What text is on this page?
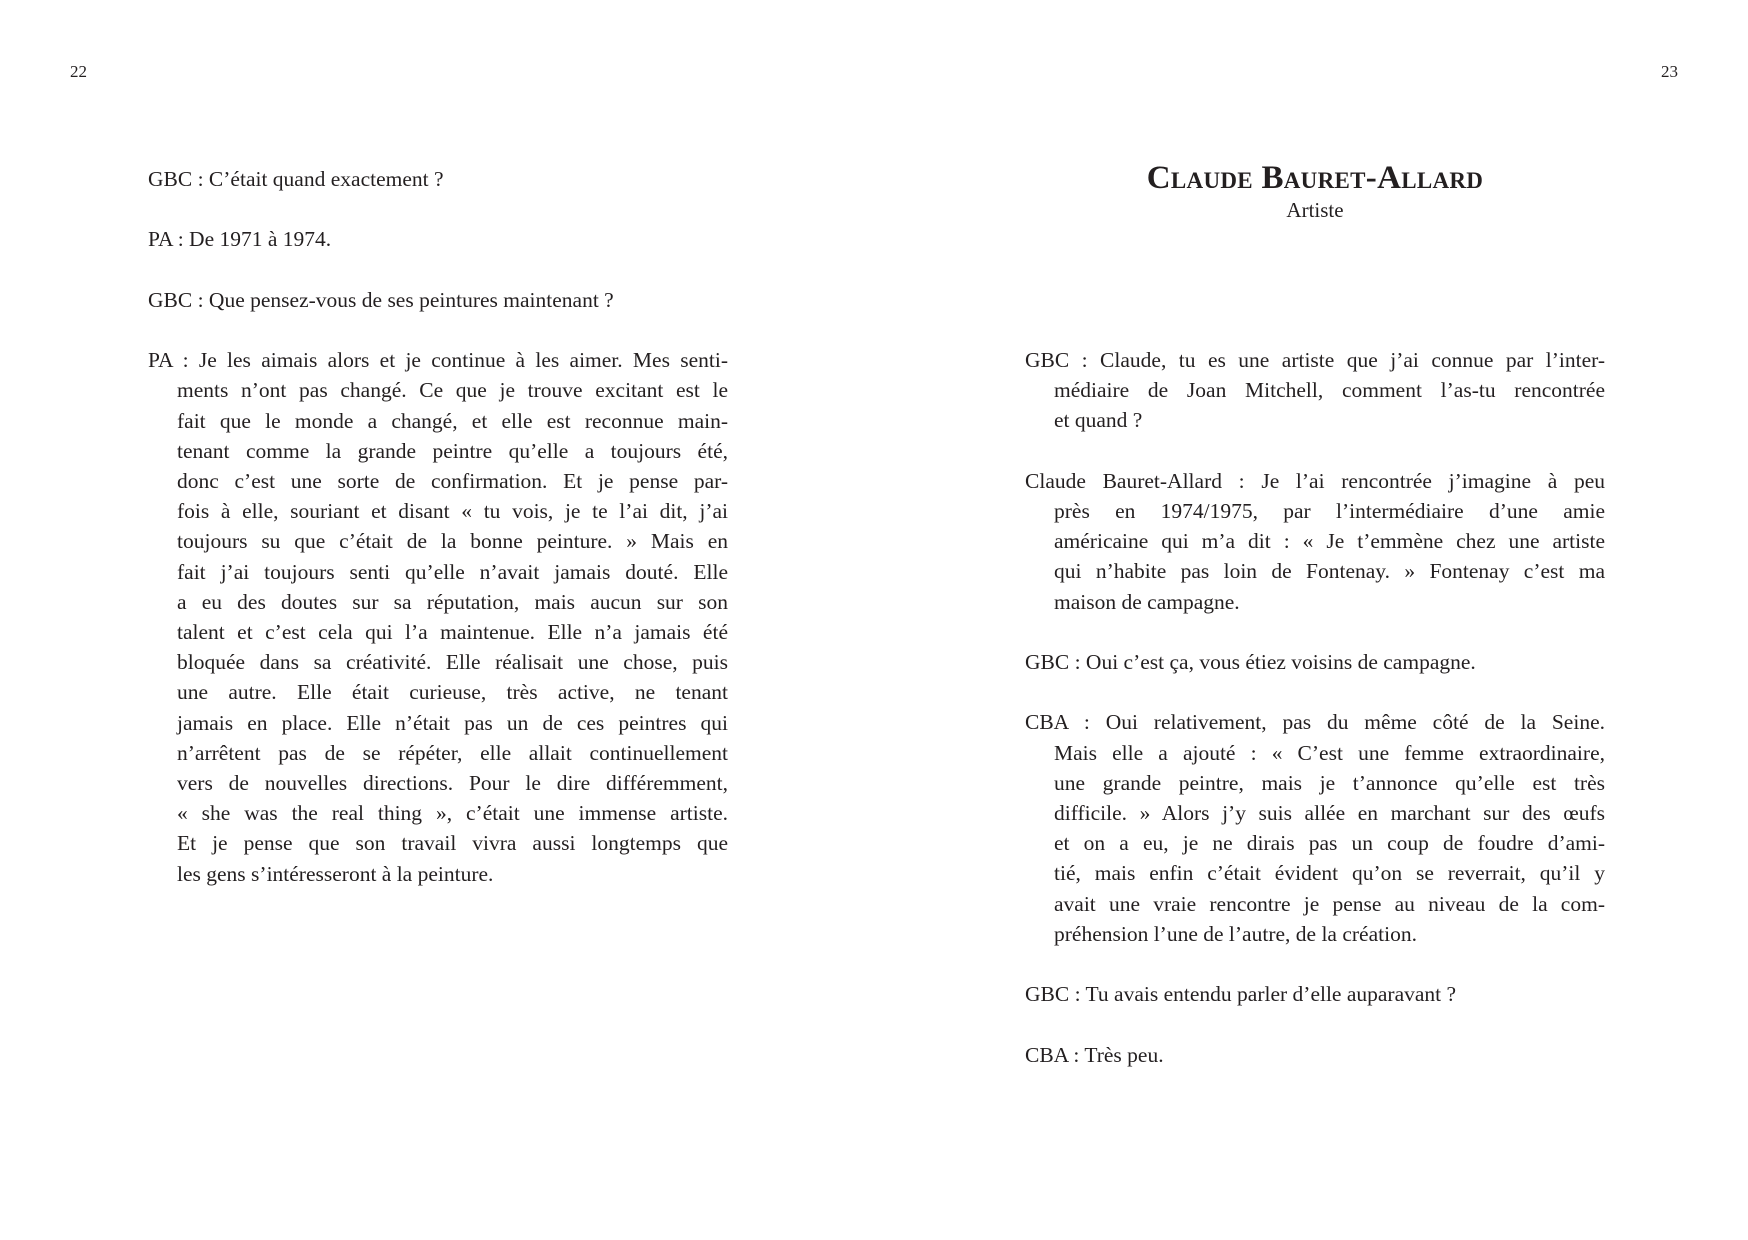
22
GBC : C’était quand exactement ?
PA : De 1971 à 1974.
GBC : Que pensez-vous de ses peintures maintenant ?
PA : Je les aimais alors et je continue à les aimer. Mes senti-
ments n’ont pas changé. Ce que je trouve excitant est le
fait que le monde a changé, et elle est reconnue main-
tenant comme la grande peintre qu’elle a toujours été,
donc c’est une sorte de confirmation. Et je pense par-
fois à elle, souriant et disant « tu vois, je te l’ai dit, j’ai
toujours su que c’était de la bonne peinture. » Mais en
fait j’ai toujours senti qu’elle n’avait jamais douté. Elle
a eu des doutes sur sa réputation, mais aucun sur son
talent et c’est cela qui l’a maintenue. Elle n’a jamais été
bloquée dans sa créativité. Elle réalisait une chose, puis
une autre. Elle était curieuse, très active, ne tenant
jamais en place. Elle n’était pas un de ces peintres qui
n’arrêtent pas de se répéter, elle allait continuellement
vers de nouvelles directions. Pour le dire différemment,
« she was the real thing », c’était une immense artiste.
Et je pense que son travail vivra aussi longtemps que
les gens s’intéresseront à la peinture.
23
Claude Bauret-Allard
Artiste
GBC : Claude, tu es une artiste que j’ai connue par l’inter-
médiaire de Joan Mitchell, comment l’as-tu rencontrée
et quand ?
Claude Bauret-Allard : Je l’ai rencontrée j’imagine à peu
près en 1974/1975, par l’intermédiaire d’une amie
américaine qui m’a dit : « Je t’emmène chez une artiste
qui n’habite pas loin de Fontenay. » Fontenay c’est ma
maison de campagne.
GBC : Oui c’est ça, vous étiez voisins de campagne.
CBA : Oui relativement, pas du même côté de la Seine.
Mais elle a ajouté : « C’est une femme extraordinaire,
une grande peintre, mais je t’annonce qu’elle est très
difficile. » Alors j’y suis allée en marchant sur des œufs
et on a eu, je ne dirais pas un coup de foudre d’ami-
tié, mais enfin c’était évident qu’on se reverrait, qu’il y
avait une vraie rencontre je pense au niveau de la com-
préhension l’une de l’autre, de la création.
GBC : Tu avais entendu parler d’elle auparavant ?
CBA : Très peu.
